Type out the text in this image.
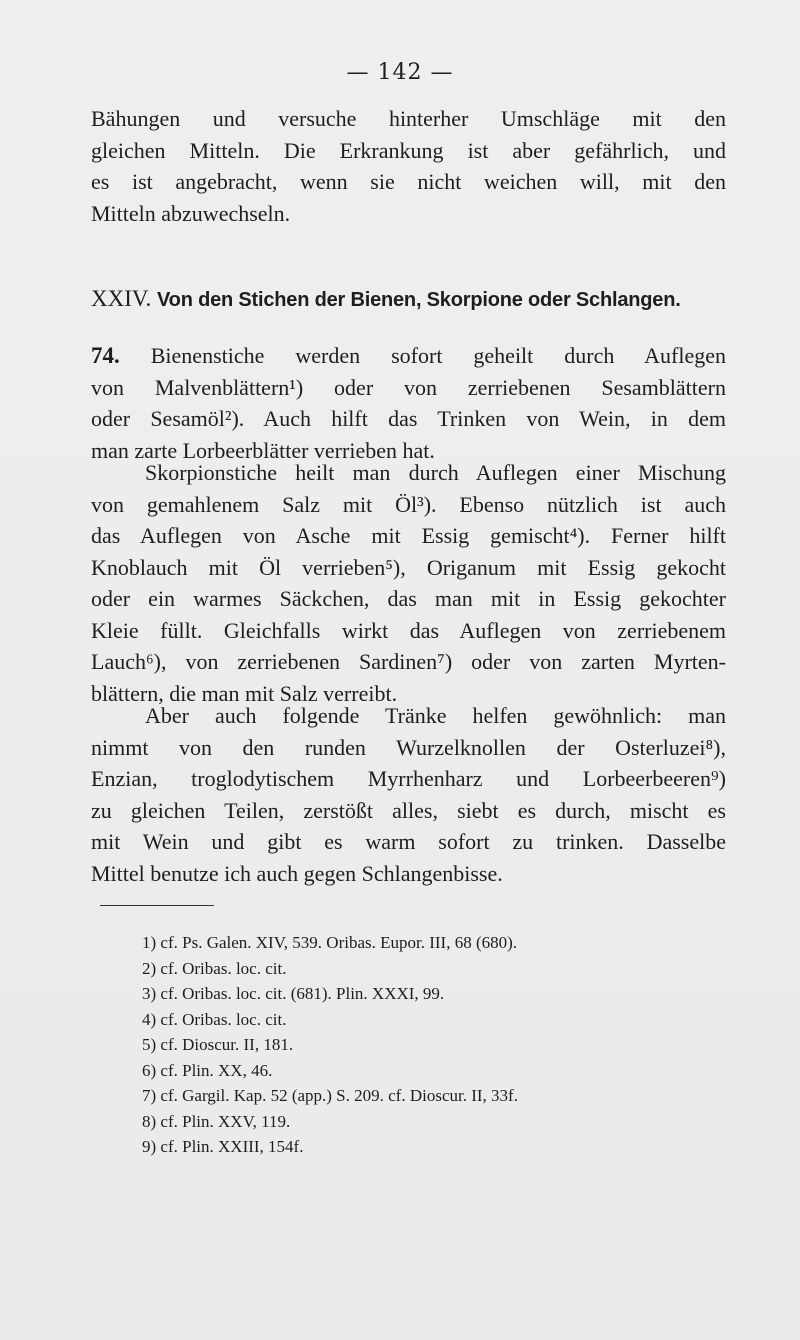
— 142 —
Bähungen und versuche hinterher Umschläge mit den
gleichen Mitteln. Die Erkrankung ist aber gefährlich, und
es ist angebracht, wenn sie nicht weichen will, mit den
Mitteln abzuwechseln.
XXIV. Von den Stichen der Bienen, Skorpione oder Schlangen.
74. Bienenstiche werden sofort geheilt durch Auflegen
von Malvenblättern¹) oder von zerriebenen Sesamblättern
oder Sesamöl²). Auch hilft das Trinken von Wein, in dem
man zarte Lorbeerblätter verrieben hat.
Skorpionstiche heilt man durch Auflegen einer Mischung
von gemahlenem Salz mit Öl³). Ebenso nützlich ist auch
das Auflegen von Asche mit Essig gemischt⁴). Ferner hilft
Knoblauch mit Öl verrieben⁵), Origanum mit Essig gekocht
oder ein warmes Säckchen, das man mit in Essig gekochter
Kleie füllt. Gleichfalls wirkt das Auflegen von zerriebenem
Lauch⁶), von zerriebenen Sardinen⁷) oder von zarten Myrten-
blättern, die man mit Salz verreibt.
Aber auch folgende Tränke helfen gewöhnlich: man
nimmt von den runden Wurzelknollen der Osterluzei⁸),
Enzian, troglodytischem Myrrhenharz und Lorbeerbeeren⁹)
zu gleichen Teilen, zerstößt alles, siebt es durch, mischt es
mit Wein und gibt es warm sofort zu trinken. Dasselbe
Mittel benutze ich auch gegen Schlangenbisse.
1) cf. Ps. Galen. XIV, 539. Oribas. Eupor. III, 68 (680).
2) cf. Oribas. loc. cit.
3) cf. Oribas. loc. cit. (681). Plin. XXXI, 99.
4) cf. Oribas. loc. cit.
5) cf. Dioscur. II, 181.
6) cf. Plin. XX, 46.
7) cf. Gargil. Kap. 52 (app.) S. 209. cf. Dioscur. II, 33f.
8) cf. Plin. XXV, 119.
9) cf. Plin. XXIII, 154f.
